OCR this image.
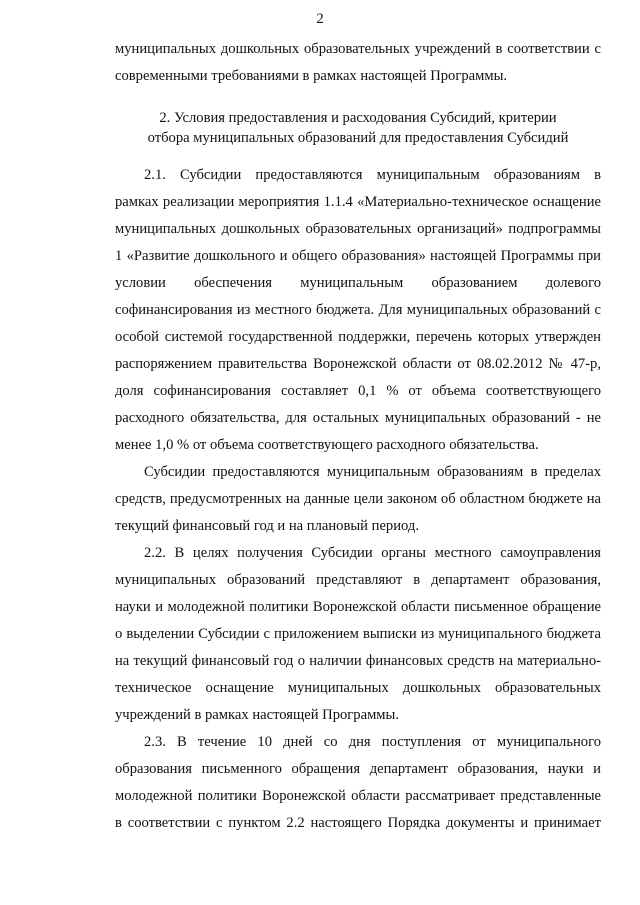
2
муниципальных дошкольных образовательных учреждений в соответствии с
современными требованиями в рамках настоящей Программы.
2. Условия предоставления и расходования Субсидий, критерии
отбора муниципальных образований для предоставления Субсидий
2.1. Субсидии предоставляются муниципальным образованиям в
рамках реализации мероприятия 1.1.4 «Материально-техническое оснащение
муниципальных дошкольных образовательных организаций» подпрограммы
1 «Развитие дошкольного и общего образования» настоящей Программы при
условии обеспечения муниципальным образованием долевого
софинансирования из местного бюджета. Для муниципальных образований с
особой системой государственной поддержки, перечень которых утвержден
распоряжением правительства Воронежской области от 08.02.2012 № 47-р,
доля софинансирования составляет 0,1 % от объема соответствующего
расходного обязательства, для остальных муниципальных образований - не
менее 1,0 % от объема соответствующего расходного обязательства.
Субсидии предоставляются муниципальным образованиям в пределах
средств, предусмотренных на данные цели законом об областном бюджете на
текущий финансовый год и на плановый период.
2.2. В целях получения Субсидии органы местного самоуправления
муниципальных образований представляют в департамент образования,
науки и молодежной политики Воронежской области письменное обращение
о выделении Субсидии с приложением выписки из муниципального бюджета
на текущий финансовый год о наличии финансовых средств на материально-
техническое оснащение муниципальных дошкольных образовательных
учреждений в рамках настоящей Программы.
2.3. В течение 10 дней со дня поступления от муниципального
образования письменного обращения департамент образования, науки и
молодежной политики Воронежской области рассматривает представленные
в соответствии с пунктом 2.2 настоящего Порядка документы и принимает
